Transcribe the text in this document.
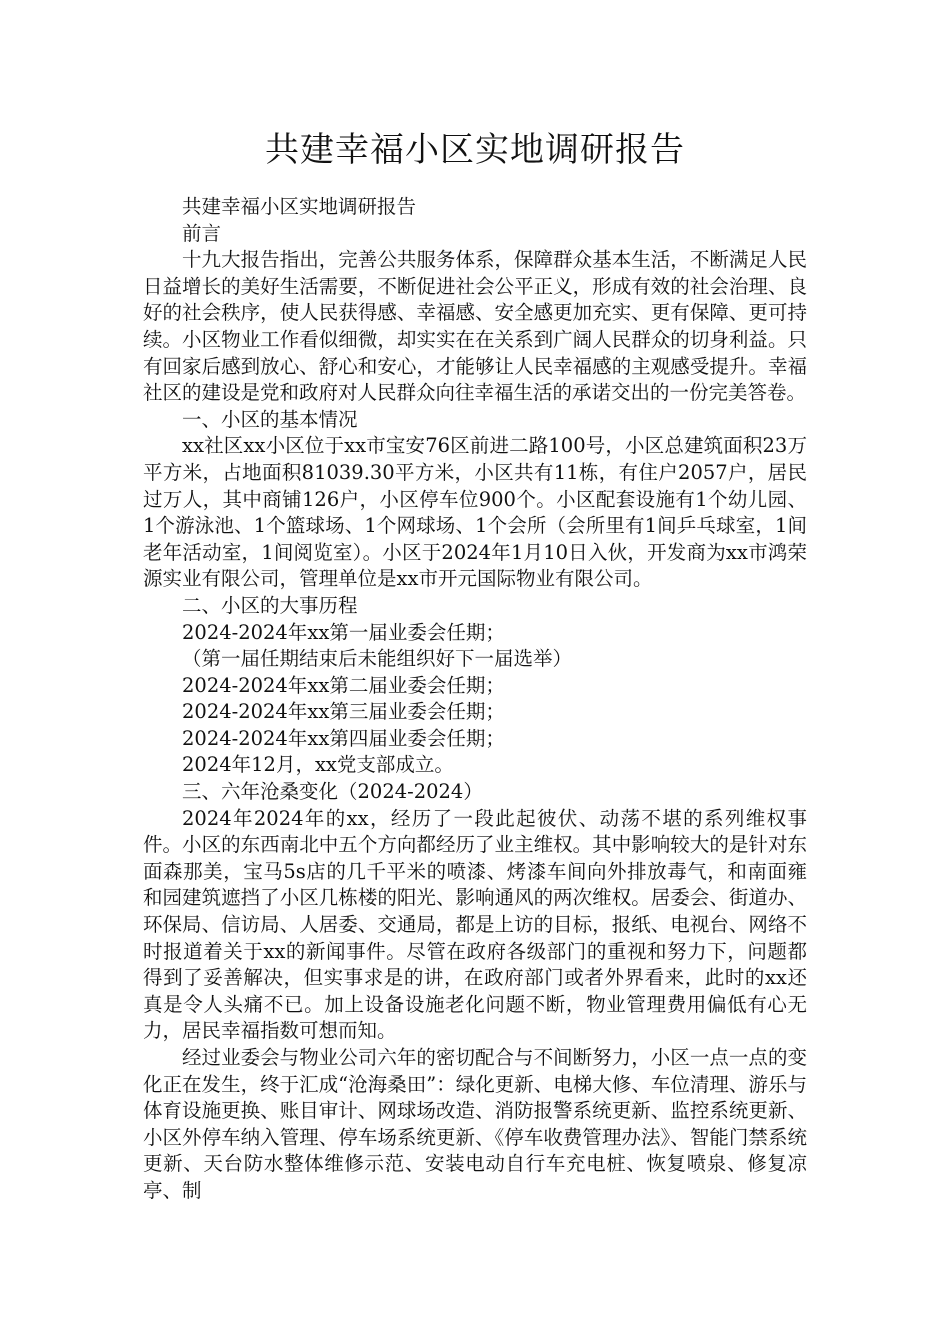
共建幸福小区实地调研报告

共建幸福小区实地调研报告

前言

十九大报告指出，完善公共服务体系，保障群众基本生活，不断满足人民日益增长的美好生活需要，不断促进社会公平正义，形成有效的社会治理、良好的社会秩序，使人民获得感、幸福感、安全感更加充实、更有保障、更可持续。小区物业工作看似细微，却实实在在关系到广阔人民群众的切身利益。只有回家后感到放心、舒心和安心，才能够让人民幸福感的主观感受提升。幸福社区的建设是党和政府对人民群众向往幸福生活的承诺交出的一份完美答卷。

一、小区的基本情况

xx社区xx小区位于xx市宝安76区前进二路100号，小区总建筑面积23万平方米，占地面积81039.30平方米，小区共有11栋，有住户2057户，居民过万人，其中商铺126户，小区停车位900个。小区配套设施有1个幼儿园、1个游泳池、1个篮球场、1个网球场、1个会所（会所里有1间乒乓球室，1间老年活动室，1间阅览室）。小区于2024年1月10日入伙，开发商为xx市鸿荣源实业有限公司，管理单位是xx市开元国际物业有限公司。

二、小区的大事历程

2024-2024年xx第一届业委会任期；

（第一届任期结束后未能组织好下一届选举）

2024-2024年xx第二届业委会任期；

2024-2024年xx第三届业委会任期；

2024-2024年xx第四届业委会任期；

2024年12月，xx党支部成立。

三、六年沧桑变化（2024-2024）

2024年2024年的xx，经历了一段此起彼伏、动荡不堪的系列维权事件。小区的东西南北中五个方向都经历了业主维权。其中影响较大的是针对东面森那美，宝马5s店的几千平米的喷漆、烤漆车间向外排放毒气，和南面雍和园建筑遮挡了小区几栋楼的阳光、影响通风的两次维权。居委会、街道办、环保局、信访局、人居委、交通局，都是上访的目标，报纸、电视台、网络不时报道着关于xx的新闻事件。尽管在政府各级部门的重视和努力下，问题都得到了妥善解决，但实事求是的讲，在政府部门或者外界看来，此时的xx还真是令人头痛不已。加上设备设施老化问题不断，物业管理费用偏低有心无力，居民幸福指数可想而知。

经过业委会与物业公司六年的密切配合与不间断努力，小区一点一点的变化正在发生，终于汇成“沧海桑田”：绿化更新、电梯大修、车位清理、游乐与体育设施更换、账目审计、网球场改造、消防报警系统更新、监控系统更新、小区外停车纳入管理、停车场系统更新、《停车收费管理办法》、智能门禁系统更新、天台防水整体维修示范、安装电动自行车充电桩、恢复喷泉、修复凉亭、制
